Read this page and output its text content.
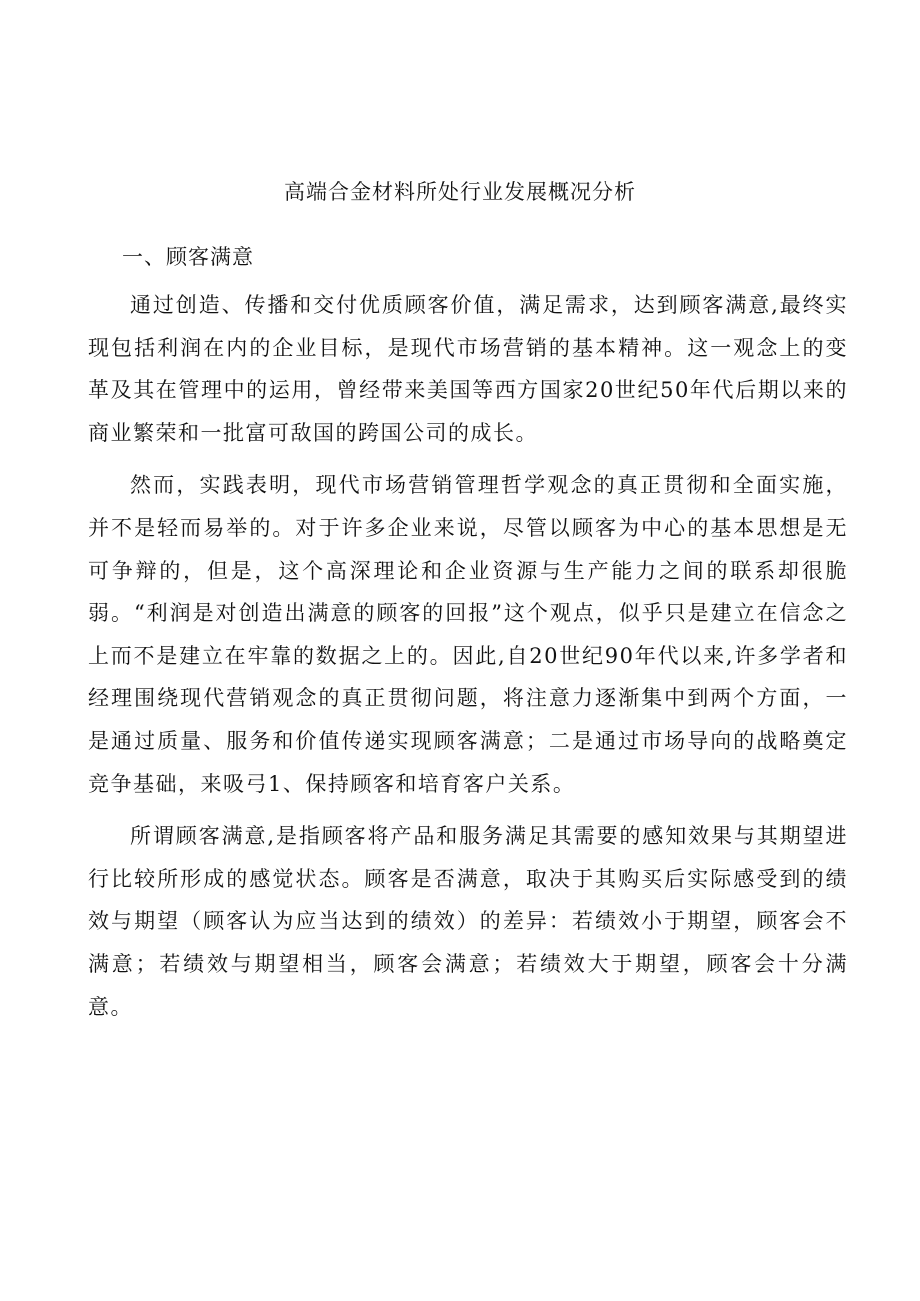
高端合金材料所处行业发展概况分析
一、顾客满意

通过创造、传播和交付优质顾客价值，满足需求，达到顾客满意,最终实现包括利润在内的企业目标，是现代市场营销的基本精神。这一观念上的变革及其在管理中的运用，曾经带来美国等西方国家20世纪50年代后期以来的商业繁荣和一批富可敌国的跨国公司的成长。

然而，实践表明，现代市场营销管理哲学观念的真正贯彻和全面实施，并不是轻而易举的。对于许多企业来说，尽管以顾客为中心的基本思想是无可争辩的，但是，这个高深理论和企业资源与生产能力之间的联系却很脆弱。“利润是对创造出满意的顾客的回报”这个观点，似乎只是建立在信念之上而不是建立在牢靠的数据之上的。因此,自20世纪90年代以来,许多学者和经理围绕现代营销观念的真正贯彻问题，将注意力逐渐集中到两个方面，一是通过质量、服务和价值传递实现顾客满意；二是通过市场导向的战略奠定竞争基础，来吸弓1、保持顾客和培育客户关系。

所谓顾客满意,是指顾客将产品和服务满足其需要的感知效果与其期望进行比较所形成的感觉状态。顾客是否满意，取决于其购买后实际感受到的绩效与期望（顾客认为应当达到的绩效）的差异：若绩效小于期望，顾客会不满意；若绩效与期望相当，顾客会满意；若绩效大于期望，顾客会十分满意。
